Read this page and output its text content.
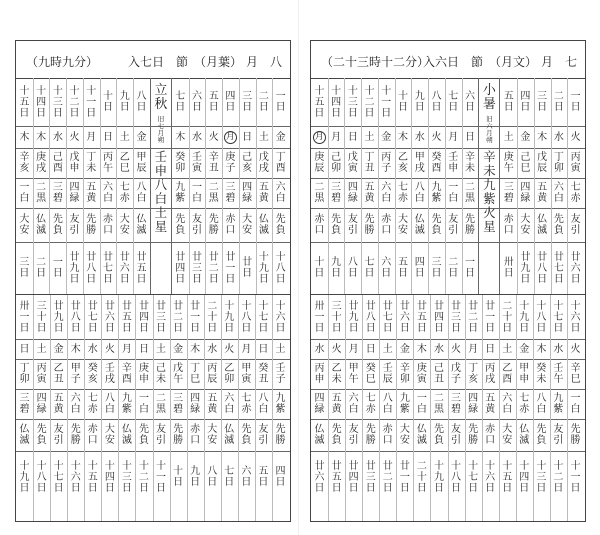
（九時九分）

入七日

節

（月葉）

月

八

一
日
金
丁
酉
六
白
先
負
十
八
日
二
日
土
戊
戌
五
黄
仏
滅
十
九
日
三
日
日
己
亥
四
緑
大
安
廿
日
四
日
月
庚
子
三
碧
赤
口
廿
一
日
五
日
火
辛
丑
二
黒
先
勝
廿
二
日
六
日
水
壬
寅
一
白
友
引
廿
三
日
七
日
木
癸
卯
九
紫
先
負
廿
四
日
八
日
金
甲
辰
八
白
仏
滅
廿
五
日
九
日
土
乙
巳
七
赤
大
安
廿
六
日
十
日
日
丙
午
六
白
赤
口
廿
七
日
十
一
日
月
丁
未
五
黄
先
勝
廿
八
日
十
二
日
火
戊
申
四
緑
友
引
廿
九
日
十
三
日
水
己
酉
三
碧
先
負
一
日
十
四
日
木
庚
戌
二
黒
仏
滅
二
日
十
五
日
木
辛
亥
一
白
大
安
三
日
立
秋
旧
七
月
朔
壬
申
八
白
土
星
十
六
日
土
壬
子
九
紫
先
勝
四
日
十
七
日
日
癸
丑
八
白
友
引
五
日
十
八
日
月
甲
寅
七
赤
先
負
六
日
十
九
日
火
乙
卯
六
白
仏
滅
七
日
二
十
日
水
丙
辰
五
黄
大
安
八
日
廿
一
日
木
丁
巳
四
緑
赤
口
九
日
廿
二
日
金
戊
午
三
碧
先
勝
十
日
廿
三
日
土
己
未
二
黒
友
引
十
一
日
廿
四
日
日
庚
申
一
白
先
負
十
二
日
廿
五
日
月
辛
酉
九
紫
仏
滅
十
三
日
廿
六
日
火
壬
戌
八
白
大
安
十
四
日
廿
七
日
水
癸
亥
七
赤
赤
口
十
五
日
廿
八
日
木
甲
子
六
白
先
勝
十
六
日
廿
九
日
金
乙
丑
五
黄
友
引
十
七
日
三
十
日
土
丙
寅
四
緑
先
負
十
八
日
卅
一
日
日
丁
卯
三
碧
仏
滅
十
九
日

（二十三時十二分）

入六日

節

（月文）

月

七

一
日
火
丙
寅
七
赤
友
引
廿
六
日
二
日
水
丁
卯
六
白
先
負
廿
七
日
三
日
木
戊
辰
五
黄
仏
滅
廿
八
日
四
日
金
己
巳
四
緑
大
安
廿
九
日
五
日
土
庚
午
三
碧
赤
口
卅
日
六
日
日
辛
未
二
黒
先
勝
一
日
七
日
月
壬
申
一
白
友
引
二
日
八
日
火
癸
酉
九
紫
先
負
三
日
九
日
水
甲
戌
八
白
仏
滅
四
日
十
日
木
乙
亥
七
赤
大
安
五
日
十
一
日
金
丙
子
六
白
赤
口
六
日
十
二
日
土
丁
丑
五
黄
先
勝
七
日
十
三
日
日
戊
寅
四
緑
友
引
八
日
十
四
日
月
己
卯
三
碧
先
負
九
日
十
五
日
月
庚
辰
二
黒
赤
口
十
日
小
暑
旧
六
月
朔
辛
未
九
紫
火
星
十
六
日
火
辛
巳
一
白
先
勝
十
一
日
十
七
日
水
壬
午
九
紫
友
引
十
二
日
十
八
日
木
癸
未
八
白
先
負
十
三
日
十
九
日
金
甲
申
七
赤
仏
滅
十
四
日
二
十
日
土
乙
酉
六
白
大
安
十
五
日
廿
一
日
日
丙
戌
五
黄
赤
口
十
六
日
廿
二
日
月
丁
亥
四
緑
先
勝
十
七
日
廿
三
日
火
戊
子
三
碧
友
引
十
八
日
廿
四
日
水
己
丑
二
黒
先
負
十
九
日
廿
五
日
木
庚
寅
一
白
仏
滅
二
十
日
廿
六
日
金
辛
卯
九
紫
大
安
廿
一
日
廿
七
日
土
壬
辰
八
白
赤
口
廿
二
日
廿
八
日
日
癸
巳
七
赤
先
勝
廿
三
日
廿
九
日
月
甲
午
六
白
友
引
廿
四
日
三
十
日
火
乙
未
五
黄
先
負
廿
五
日
卅
一
日
水
丙
申
四
緑
仏
滅
廿
六
日
